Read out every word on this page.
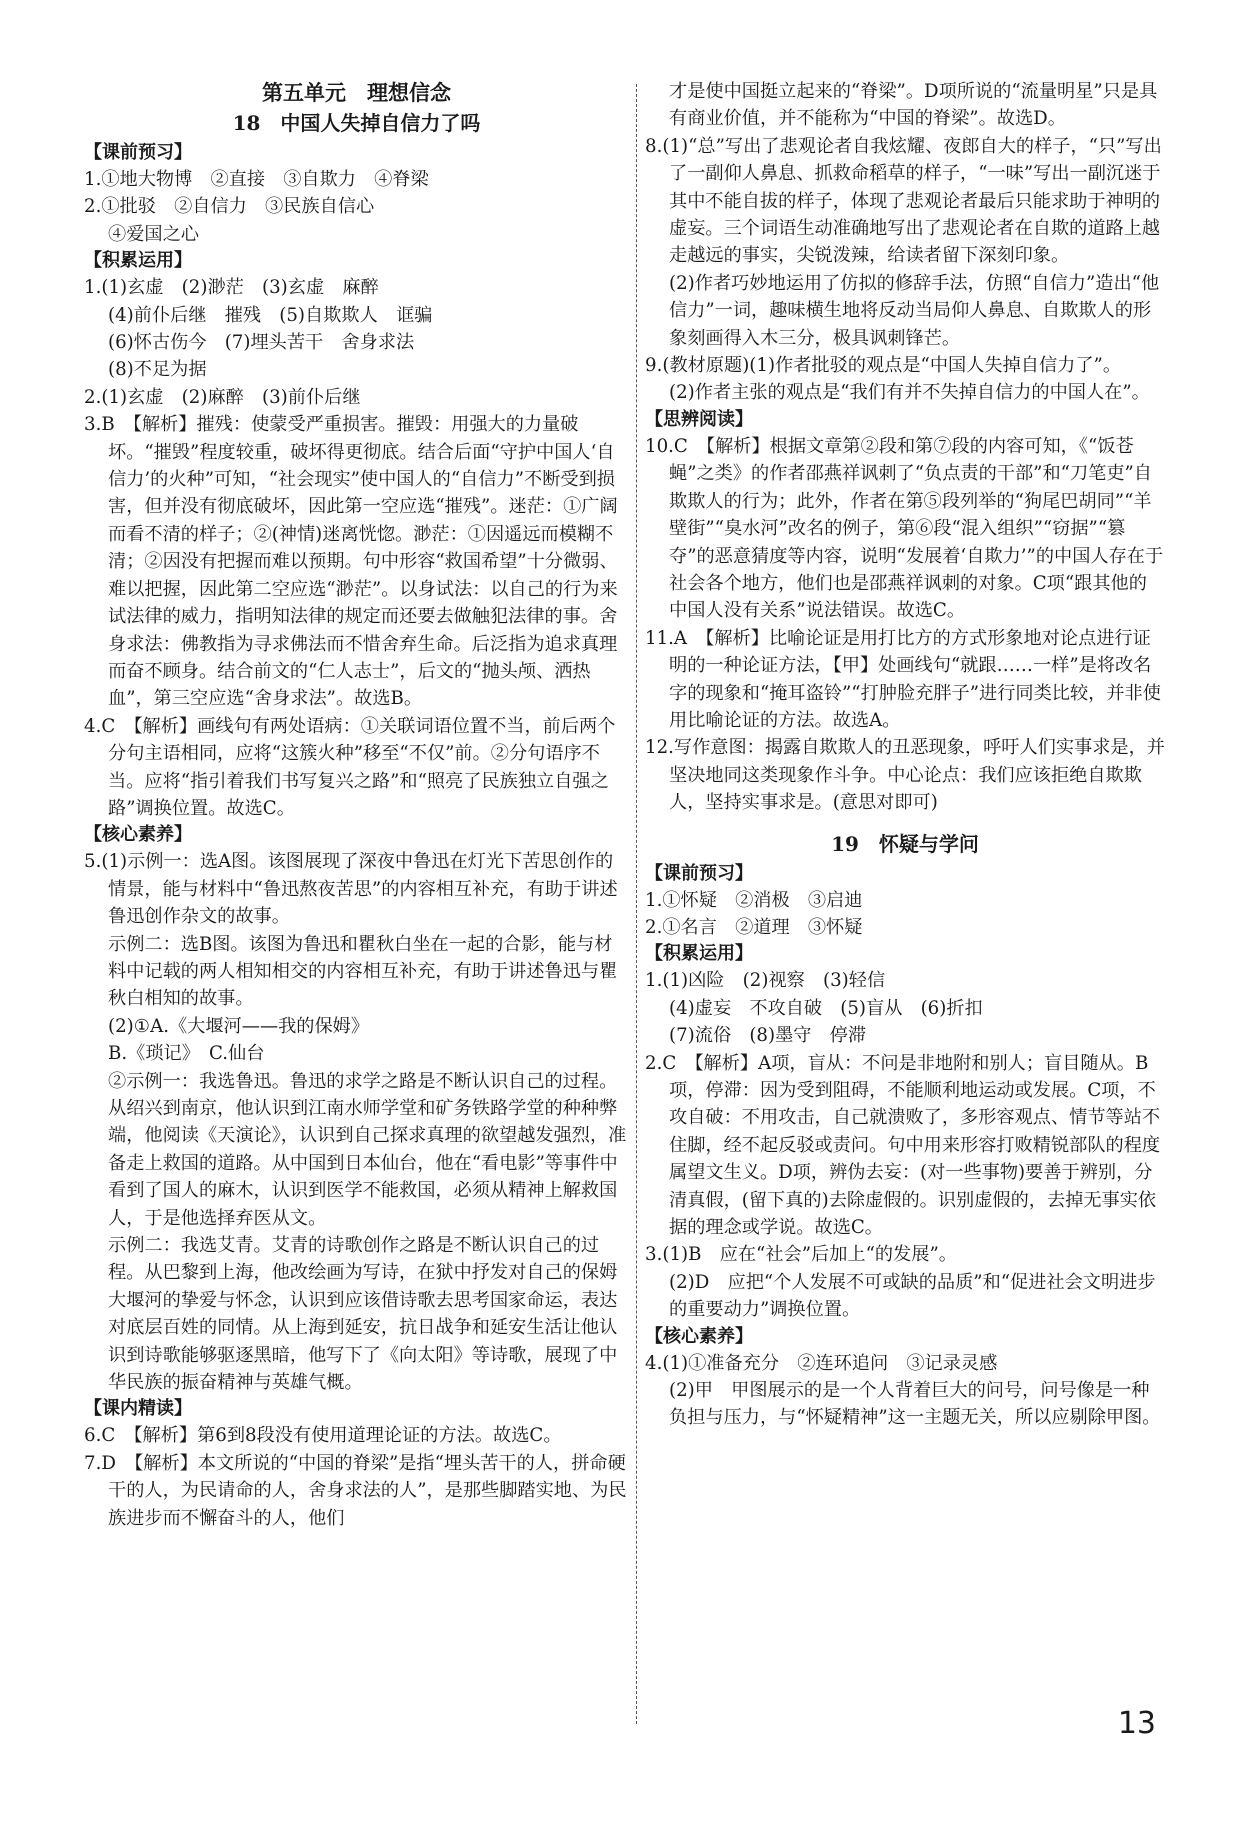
第五单元　理想信念
18　中国人失掉自信力了吗
【课前预习】
1.①地大物博　②直接　③自欺力　④脊梁
2.①批驳　②自信力　③民族自信心
④爱国之心
【积累运用】
1.(1)玄虚　(2)渺茫　(3)玄虚　麻醉
(4)前仆后继　摧残　(5)自欺欺人　诓骗
(6)怀古伤今　(7)埋头苦干　舍身求法
(8)不足为据
2.(1)玄虚　(2)麻醉　(3)前仆后继
3.B　【解析】摧残：使蒙受严重损害。摧毁：用强大的力量破坏。“摧毁”程度较重，破坏得更彻底。结合后面“守护中国人‘自信力’的火种”可知，“社会现实”使中国人的“自信力”不断受到损害，但并没有彻底破坏，因此第一空应选“摧残”。迷茫：①广阔而看不清的样子；②(神情)迷离恍惚。渺茫：①因遥远而模糊不清；②因没有把握而难以预期。句中形容“救国希望”十分微弱、难以把握，因此第二空应选“渺茫”。以身试法：以自己的行为来试法律的威力，指明知法律的规定而还要去做触犯法律的事。舍身求法：佛教指为寻求佛法而不惜舍弃生命。后泛指为追求真理而奋不顾身。结合前文的“仁人志士”，后文的“抛头颅、洒热血”，第三空应选“舍身求法”。故选B。
4.C　【解析】画线句有两处语病：①关联词语位置不当，前后两个分句主语相同，应将“这簇火种”移至“不仅”前。②分句语序不当。应将“指引着我们书写复兴之路”和“照亮了民族独立自强之路”调换位置。故选C。
【核心素养】
5.(1)示例一：选A图。该图展现了深夜中鲁迅在灯光下苦思创作的情景，能与材料中“鲁迅熬夜苦思”的内容相互补充，有助于讲述鲁迅创作杂文的故事。
示例二：选B图。该图为鲁迅和瞿秋白坐在一起的合影，能与材料中记载的两人相知相交的内容相互补充，有助于讲述鲁迅与瞿秋白相知的故事。
(2)①A.《大堰河——我的保姆》
B.《琐记》　C.仙台
②示例一：我选鲁迅。鲁迅的求学之路是不断认识自己的过程。从绍兴到南京，他认识到江南水师学堂和矿务铁路学堂的种种弊端，他阅读《天演论》，认识到自己探求真理的欲望越发强烈，准备走上救国的道路。从中国到日本仙台，他在“看电影”等事件中看到了国人的麻木，认识到医学不能救国，必须从精神上解救国人，于是他选择弃医从文。
示例二：我选艾青。艾青的诗歌创作之路是不断认识自己的过程。从巴黎到上海，他改绘画为写诗，在狱中抒发对自己的保姆大堰河的挚爱与怀念，认识到应该借诗歌去思考国家命运，表达对底层百姓的同情。从上海到延安，抗日战争和延安生活让他认识到诗歌能够驱逐黑暗，他写下了《向太阳》等诗歌，展现了中华民族的振奋精神与英雄气概。
【课内精读】
6.C　【解析】第6到8段没有使用道理论证的方法。故选C。
7.D　【解析】本文所说的“中国的脊梁”是指“埋头苦干的人，拼命硬干的人，为民请命的人，舍身求法的人”，是那些脚踏实地、为民族进步而不懈奋斗的人，他们
才是使中国挺立起来的“脊梁”。D项所说的“流量明星”只是具有商业价值，并不能称为“中国的脊梁”。故选D。
8.(1)“总”写出了悲观论者自我炫耀、夜郎自大的样子，“只”写出了一副仰人鼻息、抓救命稻草的样子，“一味”写出一副沉迷于其中不能自拔的样子，体现了悲观论者最后只能求助于神明的虚妄。三个词语生动准确地写出了悲观论者在自欺的道路上越走越远的事实，尖锐泼辣，给读者留下深刻印象。
(2)作者巧妙地运用了仿拟的修辞手法，仿照“自信力”造出“他信力”一词，趣味横生地将反动当局仰人鼻息、自欺欺人的形象刻画得入木三分，极具讽刺锋芒。
9.(教材原题)(1)作者批驳的观点是“中国人失掉自信力了”。
(2)作者主张的观点是“我们有并不失掉自信力的中国人在”。
【思辨阅读】
10.C　【解析】根据文章第②段和第⑦段的内容可知，《“饭苍蝇”之类》的作者邵燕祥讽刺了“负点责的干部”和“刀笔吏”自欺欺人的行为；此外，作者在第⑤段列举的“狗尾巴胡同”“羊壁街”“臭水河”改名的例子，第⑥段“混入组织”“窃据”“篡夺”的恶意猜度等内容，说明“发展着‘自欺力’”的中国人存在于社会各个地方，他们也是邵燕祥讽刺的对象。C项“跟其他的中国人没有关系”说法错误。故选C。
11.A　【解析】比喻论证是用打比方的方式形象地对论点进行证明的一种论证方法，【甲】处画线句“就跟……一样”是将改名字的现象和“掩耳盗铃”“打肿脸充胖子”进行同类比较，并非使用比喻论证的方法。故选A。
12.写作意图：揭露自欺欺人的丑恶现象，呼吁人们实事求是，并坚决地同这类现象作斗争。中心论点：我们应该拒绝自欺欺人，坚持实事求是。(意思对即可)
19　怀疑与学问
【课前预习】
1.①怀疑　②消极　③启迪
2.①名言　②道理　③怀疑
【积累运用】
1.(1)凶险　(2)视察　(3)轻信
(4)虚妄　不攻自破　(5)盲从　(6)折扣
(7)流俗　(8)墨守　停滞
2.C　【解析】A项，盲从：不问是非地附和别人；盲目随从。B项，停滞：因为受到阻碍，不能顺利地运动或发展。C项，不攻自破：不用攻击，自己就溃败了，多形容观点、情节等站不住脚，经不起反驳或责问。句中用来形容打败精锐部队的程度属望文生义。D项，辨伪去妄：(对一些事物)要善于辨别，分清真假，(留下真的)去除虚假的。识别虚假的，去掉无事实依据的理念或学说。故选C。
3.(1)B　应在“社会”后加上“的发展”。
(2)D　应把“个人发展不可或缺的品质”和“促进社会文明进步的重要动力”调换位置。
【核心素养】
4.(1)①准备充分　②连环追问　③记录灵感
(2)甲　甲图展示的是一个人背着巨大的问号，问号像是一种负担与压力，与“怀疑精神”这一主题无关，所以应剔除甲图。
13
